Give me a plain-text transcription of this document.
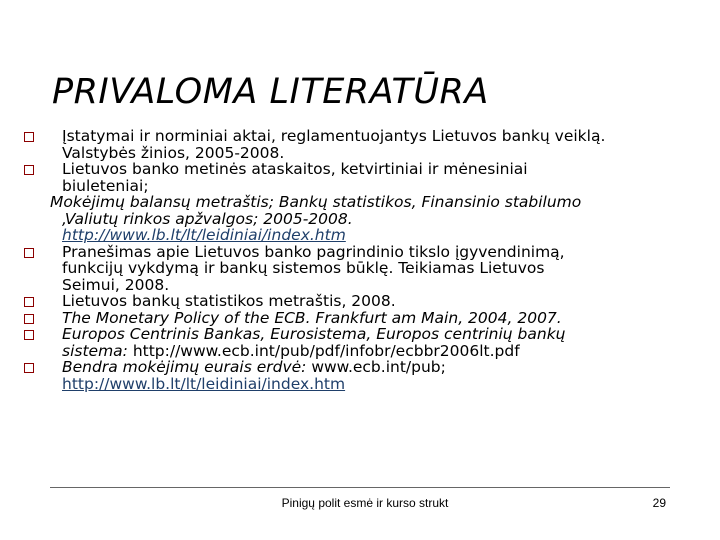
PRIVALOMA LITERATŪRA
Įstatymai ir norminiai aktai, reglamentuojantys Lietuvos bankų veiklą.
Valstybės žinios, 2005-2008.
Lietuvos banko metinės ataskaitos, ketvirtiniai ir mėnesiniai
biuleteniai;
Mokėjimų balansų metraštis; Bankų statistikos, Finansinio stabilumo
‚Valiutų rinkos apžvalgos; 2005-2008.
http://www.lb.lt/lt/leidiniai/index.htm
Pranešimas apie Lietuvos banko pagrindinio tikslo įgyvendinimą,
funkcijų vykdymą ir bankų sistemos būklę. Teikiamas Lietuvos
Seimui, 2008.
Lietuvos bankų statistikos metraštis, 2008.
The Monetary Policy of the ECB. Frankfurt am Main, 2004, 2007.
Europos Centrinis Bankas, Eurosistema, Europos centrinių bankų
sistema: http://www.ecb.int/pub/pdf/infobr/ecbbr2006lt.pdf
Bendra mokėjimų eurais erdvė: www.ecb.int/pub;
http://www.lb.lt/lt/leidiniai/index.htm
Pinigų polit esmė ir kurso strukt	29
